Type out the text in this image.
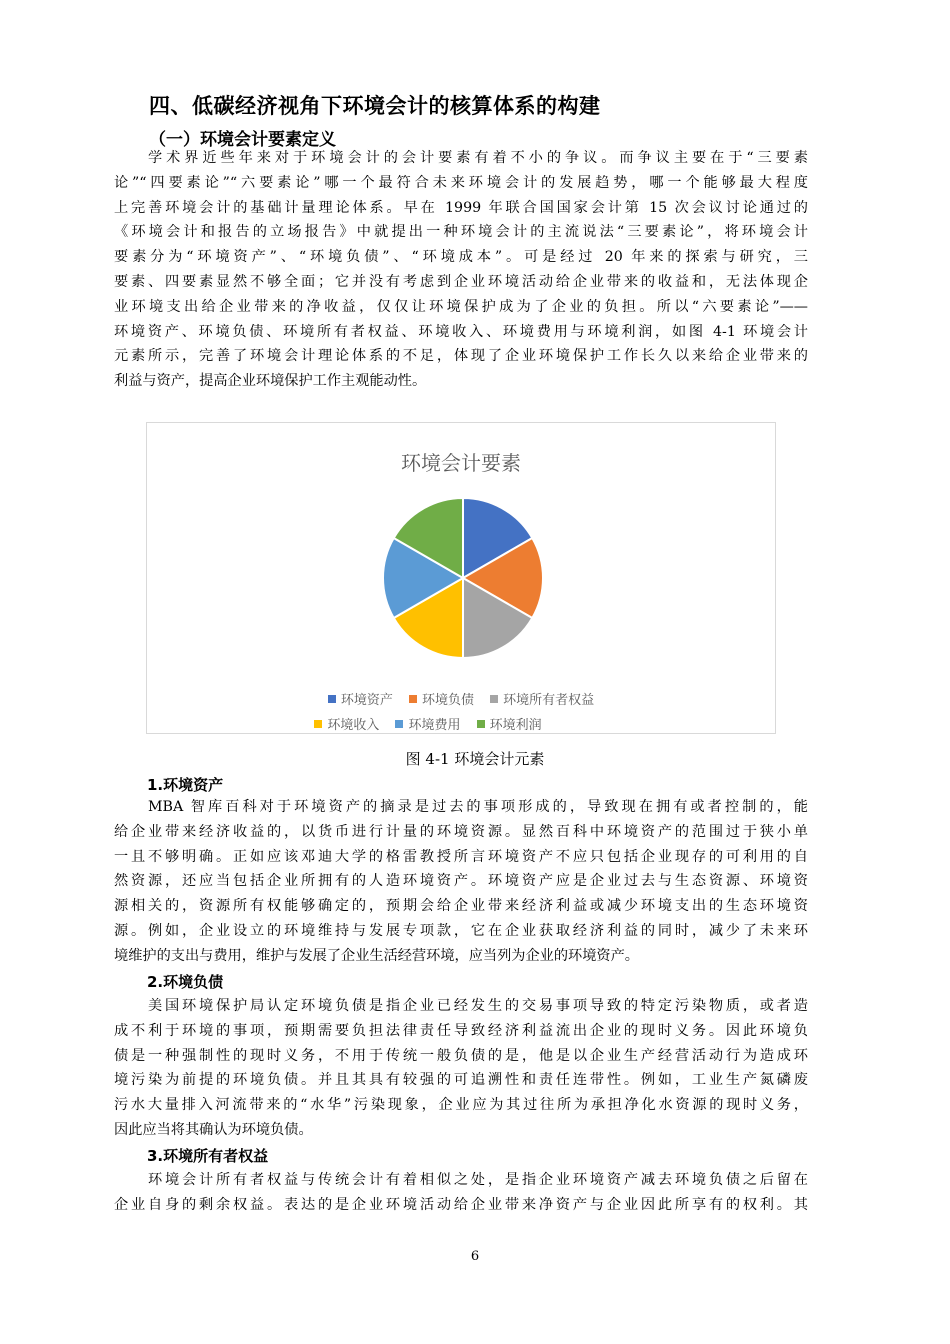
四、低碳经济视角下环境会计的核算体系的构建
（一）环境会计要素定义
学术界近些年来对于环境会计的会计要素有着不小的争议。而争议主要在于“三要素
论”“四要素论”“六要素论”哪一个最符合未来环境会计的发展趋势，哪一个能够最大程度
上完善环境会计的基础计量理论体系。早在 1999 年联合国国家会计第 15 次会议讨论通过的
《环境会计和报告的立场报告》中就提出一种环境会计的主流说法“三要素论”，将环境会计
要素分为“环境资产”、“环境负债”、“环境成本”。可是经过 20 年来的探索与研究，三
要素、四要素显然不够全面；它并没有考虑到企业环境活动给企业带来的收益和，无法体现企
业环境支出给企业带来的净收益，仅仅让环境保护成为了企业的负担。所以“六要素论”——
环境资产、环境负债、环境所有者权益、环境收入、环境费用与环境利润，如图 4-1 环境会计
元素所示，完善了环境会计理论体系的不足，体现了企业环境保护工作长久以来给企业带来的
利益与资产，提高企业环境保护工作主观能动性。
环境会计要素
环境资产 环境负债 环境所有者权益
环境收入 环境费用 环境利润
图 4-1 环境会计元素
1.环境资产
MBA 智库百科对于环境资产的摘录是过去的事项形成的，导致现在拥有或者控制的，能
给企业带来经济收益的，以货币进行计量的环境资源。显然百科中环境资产的范围过于狭小单
一且不够明确。正如应该邓迪大学的格雷教授所言环境资产不应只包括企业现存的可利用的自
然资源，还应当包括企业所拥有的人造环境资产。环境资产应是企业过去与生态资源、环境资
源相关的，资源所有权能够确定的，预期会给企业带来经济利益或减少环境支出的生态环境资
源。例如，企业设立的环境维持与发展专项款，它在企业获取经济利益的同时，减少了未来环
境维护的支出与费用，维护与发展了企业生活经营环境，应当列为企业的环境资产。
2.环境负债
美国环境保护局认定环境负债是指企业已经发生的交易事项导致的特定污染物质，或者造
成不利于环境的事项，预期需要负担法律责任导致经济利益流出企业的现时义务。因此环境负
债是一种强制性的现时义务，不用于传统一般负债的是，他是以企业生产经营活动行为造成环
境污染为前提的环境负债。并且其具有较强的可追溯性和责任连带性。例如，工业生产氮磷废
污水大量排入河流带来的“水华”污染现象，企业应为其过往所为承担净化水资源的现时义务，
因此应当将其确认为环境负债。
3.环境所有者权益
环境会计所有者权益与传统会计有着相似之处，是指企业环境资产减去环境负债之后留在
企业自身的剩余权益。表达的是企业环境活动给企业带来净资产与企业因此所享有的权利。其
6
